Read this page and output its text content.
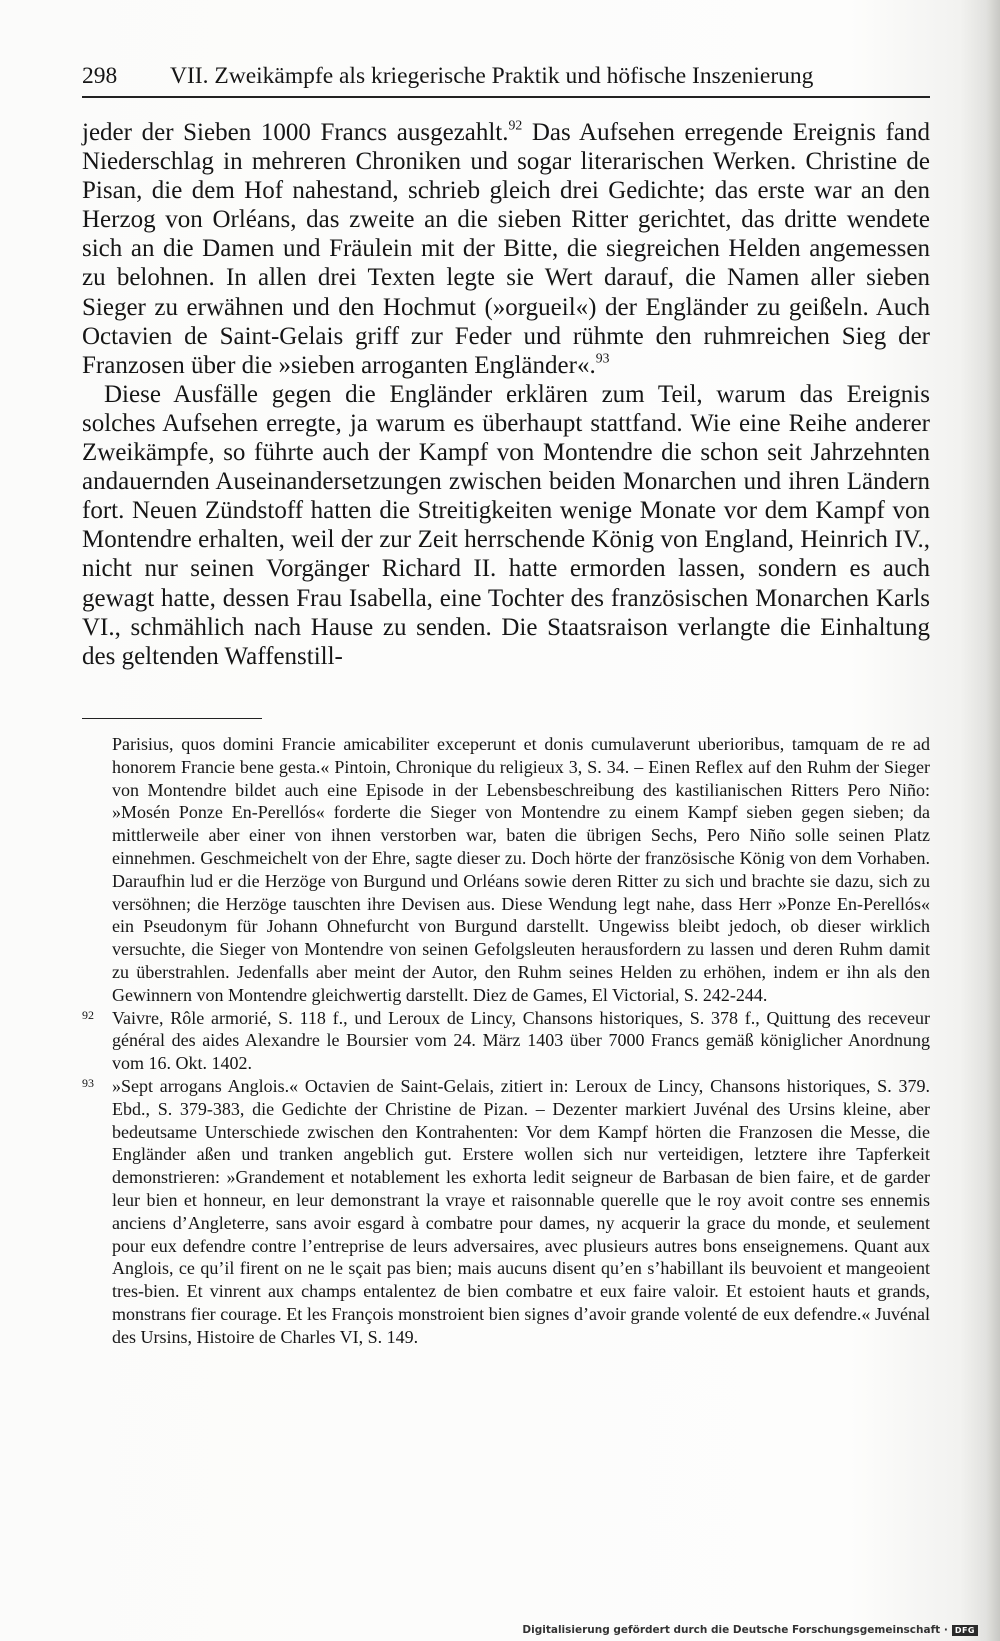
298 VII. Zweikämpfe als kriegerische Praktik und höfische Inszenierung

jeder der Sieben 1000 Francs ausgezahlt.$^{92}$ Das Aufsehen erregende Ereignis fand Niederschlag in mehreren Chroniken und sogar literarischen Werken. Christine de Pisan, die dem Hof nahestand, schrieb gleich drei Gedichte; das erste war an den Herzog von Orléans, das zweite an die sieben Ritter gerichtet, das dritte wendete sich an die Damen und Fräulein mit der Bitte, die siegreichen Helden angemessen zu belohnen. In allen drei Texten legte sie Wert darauf, die Namen aller sieben Sieger zu erwähnen und den Hochmut (»orgueil«) der Engländer zu geißeln. Auch Octavien de Saint-Gelais griff zur Feder und rühmte den ruhmreichen Sieg der Franzosen über die »sieben arroganten Engländer«.$^{93}$

Diese Ausfälle gegen die Engländer erklären zum Teil, warum das Ereignis solches Aufsehen erregte, ja warum es überhaupt stattfand. Wie eine Reihe anderer Zweikämpfe, so führte auch der Kampf von Montendre die schon seit Jahrzehnten andauernden Auseinandersetzungen zwischen beiden Monarchen und ihren Ländern fort. Neuen Zündstoff hatten die Streitigkeiten wenige Monate vor dem Kampf von Montendre erhalten, weil der zur Zeit herrschende König von England, Heinrich IV., nicht nur seinen Vorgänger Richard II. hatte ermorden lassen, sondern es auch gewagt hatte, dessen Frau Isabella, eine Tochter des französischen Monarchen Karls VI., schmählich nach Hause zu senden. Die Staatsraison verlangte die Einhaltung des geltenden Waffenstill-

Parisius, quos domini Francie amicabiliter exceperunt et donis cumulaverunt uberioribus, tamquam de re ad honorem Francie bene gesta.« Pintoin, Chronique du religieux 3, S. 34. – Einen Reflex auf den Ruhm der Sieger von Montendre bildet auch eine Episode in der Lebensbeschreibung des kastilianischen Ritters Pero Niño: »Mosén Ponze En-Perellós« forderte die Sieger von Montendre zu einem Kampf sieben gegen sieben; da mittlerweile aber einer von ihnen verstorben war, baten die übrigen Sechs, Pero Niño solle seinen Platz einnehmen. Geschmeichelt von der Ehre, sagte dieser zu. Doch hörte der französische König von dem Vorhaben. Daraufhin lud er die Herzöge von Burgund und Orléans sowie deren Ritter zu sich und brachte sie dazu, sich zu versöhnen; die Herzöge tauschten ihre Devisen aus. Diese Wendung legt nahe, dass Herr »Ponze En-Perellós« ein Pseudonym für Johann Ohnefurcht von Burgund darstellt. Ungewiss bleibt jedoch, ob dieser wirklich versuchte, die Sieger von Montendre von seinen Gefolgsleuten herausfordern zu lassen und deren Ruhm damit zu überstrahlen. Jedenfalls aber meint der Autor, den Ruhm seines Helden zu erhöhen, indem er ihn als den Gewinnern von Montendre gleichwertig darstellt. Diez de Games, El Victorial, S. 242-244.

92 Vaivre, Rôle armorié, S. 118 f., und Leroux de Lincy, Chansons historiques, S. 378 f., Quittung des receveur général des aides Alexandre le Boursier vom 24. März 1403 über 7000 Francs gemäß königlicher Anordnung vom 16. Okt. 1402.

93 »Sept arrogans Anglois.« Octavien de Saint-Gelais, zitiert in: Leroux de Lincy, Chansons historiques, S. 379. Ebd., S. 379-383, die Gedichte der Christine de Pizan. – Dezenter markiert Juvénal des Ursins kleine, aber bedeutsame Unterschiede zwischen den Kontrahenten: Vor dem Kampf hörten die Franzosen die Messe, die Engländer aßen und tranken angeblich gut. Erstere wollen sich nur verteidigen, letztere ihre Tapferkeit demonstrieren: »Grandement et notablement les exhorta ledit seigneur de Barbasan de bien faire, et de garder leur bien et honneur, en leur demonstrant la vraye et raisonnable querelle que le roy avoit contre ses ennemis anciens d’Angleterre, sans avoir esgard à combatre pour dames, ny acquerir la grace du monde, et seulement pour eux defendre contre l’entreprise de leurs adversaires, avec plusieurs autres bons enseignemens. Quant aux Anglois, ce qu’il firent on ne le sçait pas bien; mais aucuns disent qu’en s’habillant ils beuvoient et mangeoient tres-bien. Et vinrent aux champs entalentez de bien combatre et eux faire valoir. Et estoient hauts et grands, monstrans fier courage. Et les François monstroient bien signes d’avoir grande volenté de eux defendre.« Juvénal des Ursins, Histoire de Charles VI, S. 149.

Digitalisierung gefördert durch die Deutsche Forschungsgemeinschaft · DFG
